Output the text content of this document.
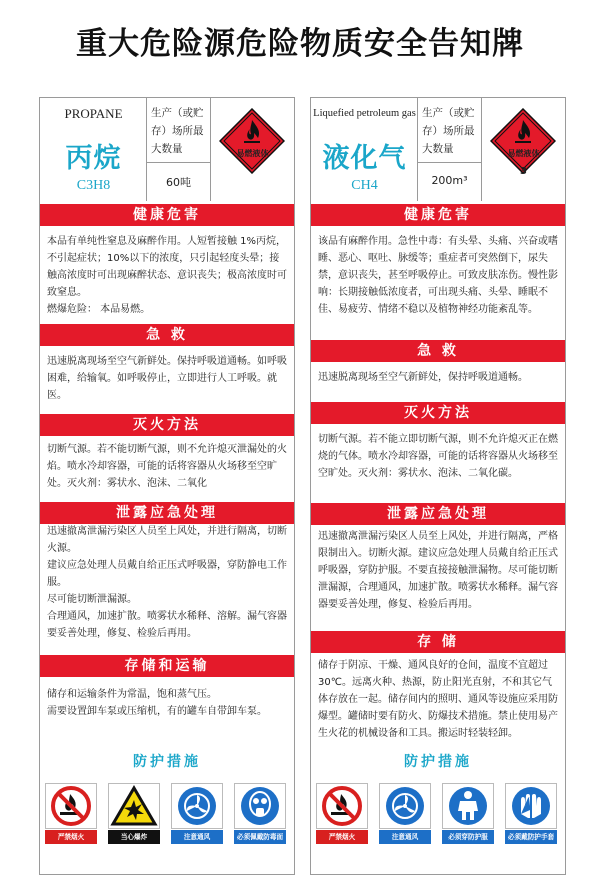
重大危险源危险物质安全告知牌
PROPANE
丙烷
C3H8
生产（或贮存）场所最大数量
60吨
易燃液体
健康危害
本品有单纯性窒息及麻醉作用。人短暂接触 1%丙烷，不引起症状；10%以下的浓度，只引起轻度头晕；接触高浓度时可出现麻醉状态、意识丧失；极高浓度时可致窒息。
燃爆危险： 本品易燃。
急 救
迅速脱离现场至空气新鲜处。保持呼吸道通畅。如呼吸困难，给输氧。如呼吸停止，立即进行人工呼吸。就医。
灭火方法
切断气源。若不能切断气源，则不允许熄灭泄漏处的火焰。喷水冷却容器，可能的话将容器从火场移至空旷处。灭火剂：雾状水、泡沫、二氧化
泄露应急处理
迅速撤离泄漏污染区人员至上风处，并进行隔离，切断火源。
建议应急处理人员戴自给正压式呼吸器，穿防静电工作服。
尽可能切断泄漏源。
合理通风，加速扩散。喷雾状水稀释、溶解。漏气容器要妥善处理，修复、检验后再用。
存储和运输
储存和运输条件为常温，饱和蒸气压。
需要设置卸车泵或压缩机，有的罐车自带卸车泵。
防护措施
严禁烟火	当心爆炸	注意通风	必须佩戴防毒面具
Liquefied petroleum gas
液化气
CH4
生产（或贮存）场所最大数量
200m³
易燃液体
3
健康危害
该品有麻醉作用。急性中毒：有头晕、头痛、兴奋或嗜睡、恶心、呕吐、脉缓等；重症者可突然倒下，尿失禁，意识丧失，甚至呼吸停止。可致皮肤冻伤。慢性影响：长期接触低浓度者，可出现头痛、头晕、睡眠不佳、易疲劳、情绪不稳以及植物神经功能紊乱等。
急 救
迅速脱离现场至空气新鲜处，保持呼吸道通畅。
灭火方法
切断气源。若不能立即切断气源，则不允许熄灭正在燃烧的气体。喷水冷却容器，可能的话将容器从火场移至空旷处。灭火剂：雾状水、泡沫、二氧化碳。
泄露应急处理
迅速撤离泄漏污染区人员至上风处，并进行隔离，严格限制出入。切断火源。建议应急处理人员戴自给正压式呼吸器，穿防护服。不要直接接触泄漏物。尽可能切断泄漏源，合理通风，加速扩散。喷雾状水稀释。漏气容器要妥善处理，修复、检验后再用。
存 储
储存于阴凉、干燥、通风良好的仓间，温度不宜超过30℃。远离火种、热源，防止阳光直射，不和其它气体存放在一起。储存间内的照明、通风等设施应采用防爆型。罐储时要有防火、防爆技术措施。禁止使用易产生火花的机械设备和工具。搬运时轻装轻卸。
防护措施
严禁烟火	注意通风	必须穿防护服	必须戴防护手套
